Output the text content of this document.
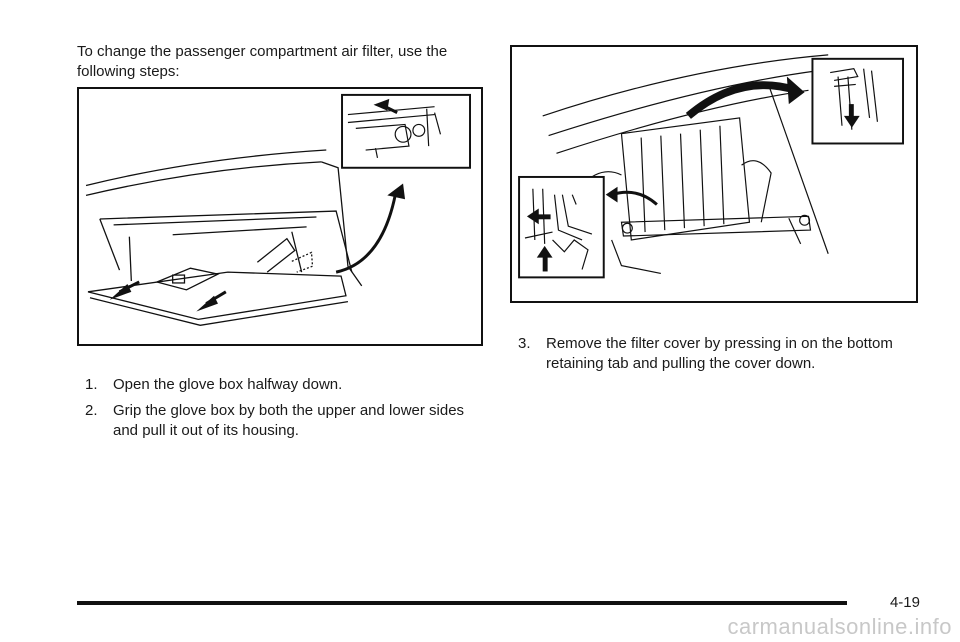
To change the passenger compartment air filter, use the following steps:

1. Open the glove box halfway down.
2. Grip the glove box by both the upper and lower sides and pull it out of its housing.
3. Remove the filter cover by pressing in on the bottom retaining tab and pulling the cover down.
4-19
carmanualsonline.info
